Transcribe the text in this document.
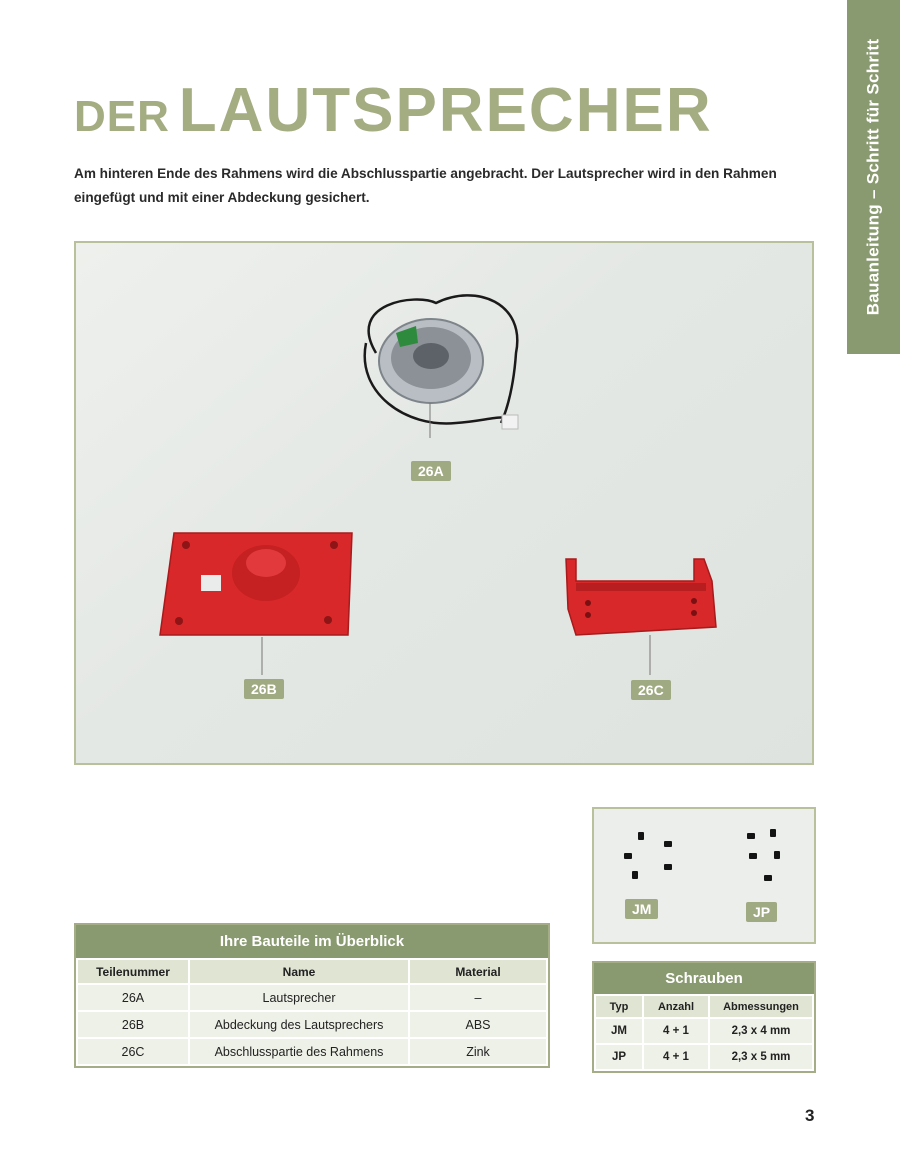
Bauanleitung – Schritt für Schritt
DER LAUTSPRECHER

Am hinteren Ende des Rahmens wird die Abschlusspartie angebracht. Der Lautsprecher wird in den Rahmen eingefügt und mit einer Abdeckung gesichert.

26A
26B	26C
JM	JP
Ihre Bauteile im Überblick
Teilenummer	Name	Material
26A	Lautsprecher	–
26B	Abdeckung des Lautsprechers	ABS
26C	Abschlusspartie des Rahmens	Zink
Schrauben
Typ	Anzahl	Abmessungen
JM	4 + 1	2,3 x 4 mm
JP	4 + 1	2,3 x 5 mm
3
